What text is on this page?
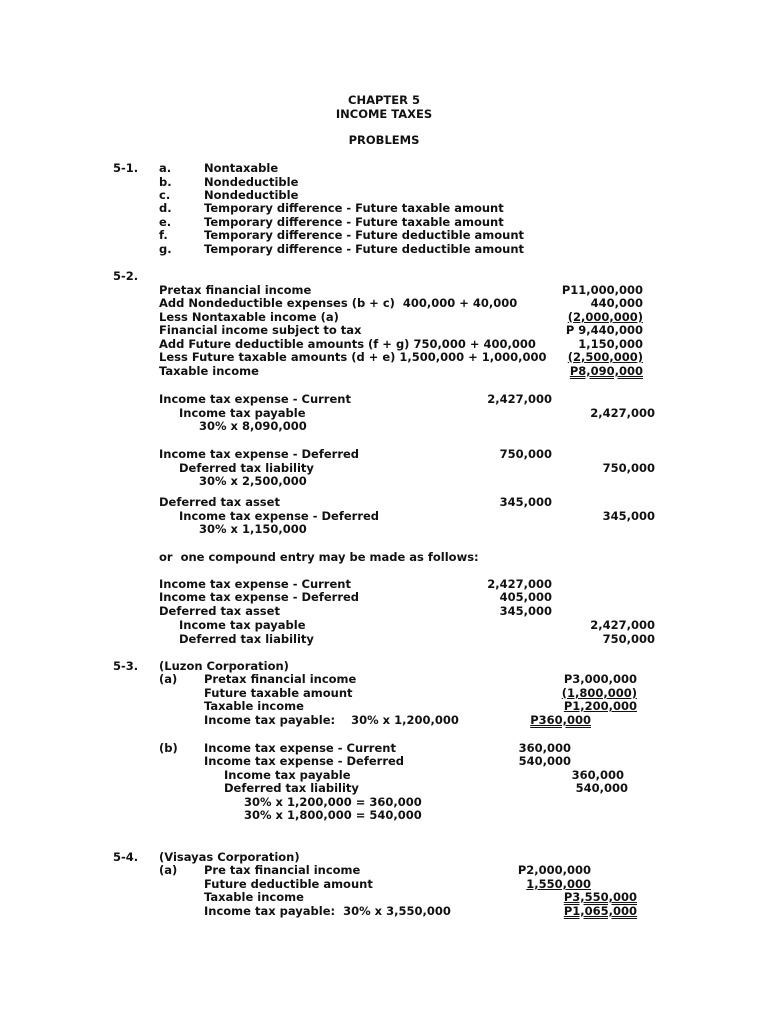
CHAPTER 5
INCOME TAXES
PROBLEMS
5-1. a.	Nontaxable
b.	Nondeductible
c.	Nondeductible
d.	Temporary difference - Future taxable amount
e.	Temporary difference - Future taxable amount
f.	Temporary difference - Future deductible amount
g.	Temporary difference - Future deductible amount
5-2.
Pretax financial income	P11,000,000
Add Nondeductible expenses (b + c)  400,000 + 40,000	440,000
Less Nontaxable income (a)	(2,000,000)
Financial income subject to tax	P 9,440,000
Add Future deductible amounts (f + g) 750,000 + 400,000	1,150,000
Less Future taxable amounts (d + e) 1,500,000 + 1,000,000	(2,500,000)
Taxable income	P8,090,000
Income tax expense - Current	2,427,000
Income tax payable	2,427,000
30% x 8,090,000
Income tax expense - Deferred	750,000
Deferred tax liability	750,000
30% x 2,500,000
Deferred tax asset	345,000
Income tax expense - Deferred	345,000
30% x 1,150,000
or  one compound entry may be made as follows:
Income tax expense - Current	2,427,000
Income tax expense - Deferred	405,000
Deferred tax asset	345,000
Income tax payable	2,427,000
Deferred tax liability	750,000
5-3. (Luzon Corporation)
(a) Pretax financial income	P3,000,000
Future taxable amount	(1,800,000)
Taxable income	P1,200,000
Income tax payable:    30% x 1,200,000	P360,000
(b) Income tax expense - Current	360,000
Income tax expense - Deferred	540,000
Income tax payable	360,000
Deferred tax liability	540,000
30% x 1,200,000 = 360,000
30% x 1,800,000 = 540,000
5-4. (Visayas Corporation)
(a) Pre tax financial income	P2,000,000
Future deductible amount	1,550,000
Taxable income	P3,550,000
Income tax payable:  30% x 3,550,000	P1,065,000
